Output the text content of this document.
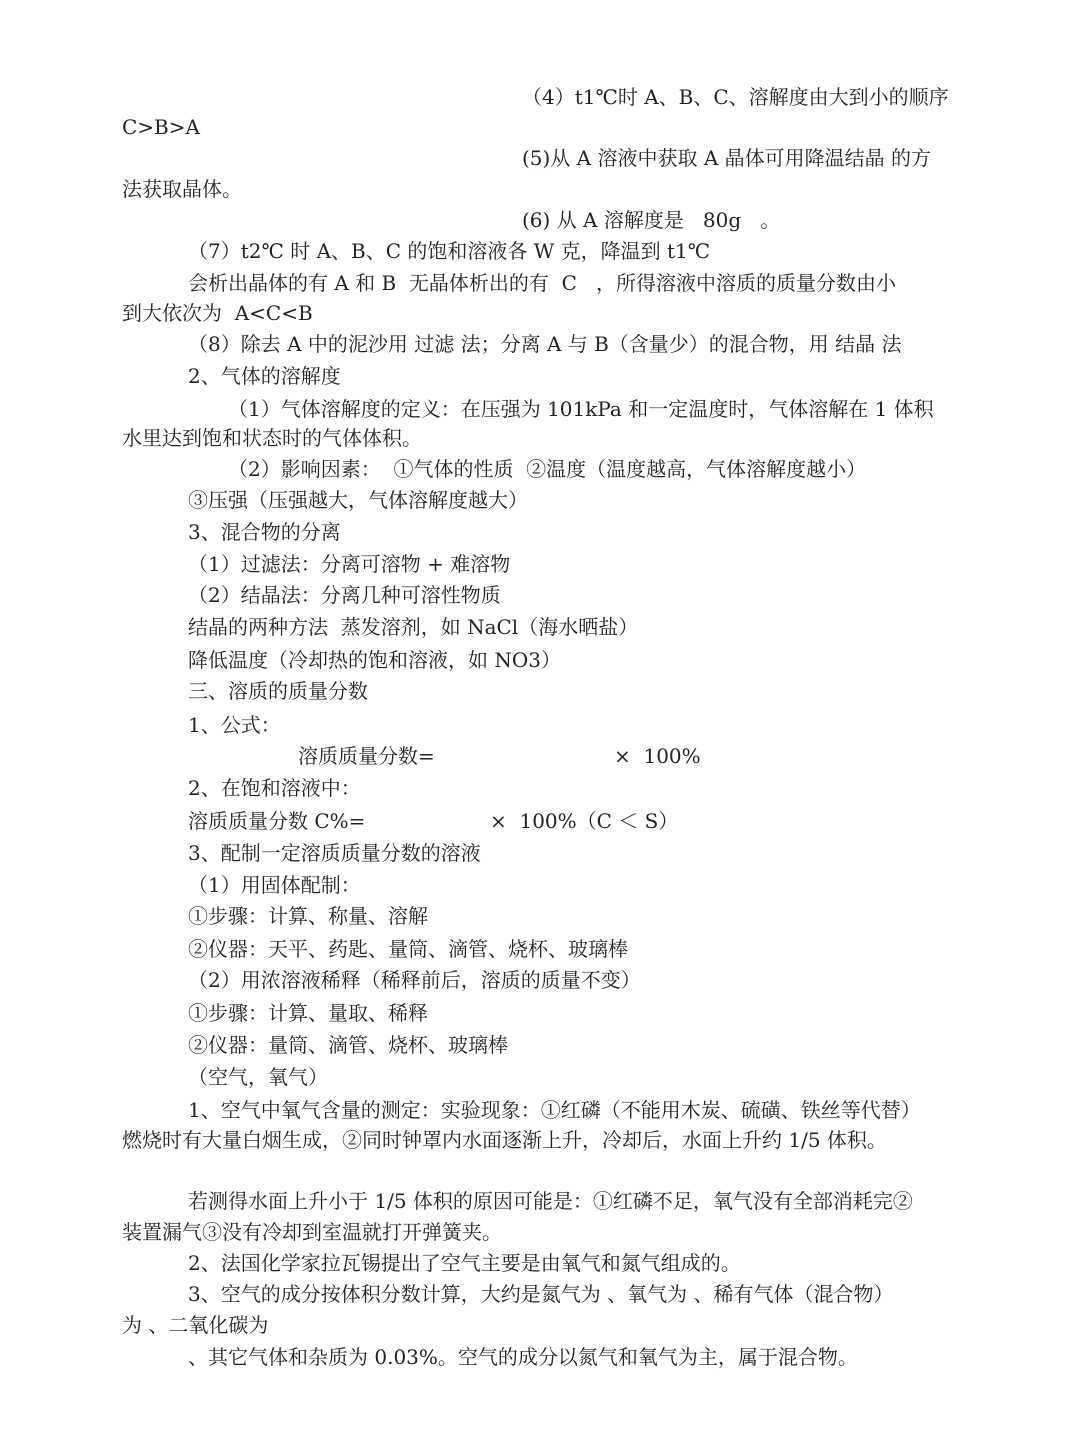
（4）t1℃时 A、B、C、溶解度由大到小的顺序
C>B>A
(5)从 A 溶液中获取 A 晶体可用降温结晶 的方
法获取晶体。
(6) 从 A 溶解度是   80g   。
（7）t2℃ 时 A、B、C 的饱和溶液各 W 克，降温到 t1℃
会析出晶体的有 A 和 B  无晶体析出的有  C   ，所得溶液中溶质的质量分数由小
到大依次为  A<C<B
（8）除去 A 中的泥沙用 过滤 法；分离 A 与 B（含量少）的混合物，用 结晶 法
2、气体的溶解度
（1）气体溶解度的定义：在压强为 101kPa 和一定温度时，气体溶解在 1 体积
水里达到饱和状态时的气体体积。
（2）影响因素：  ①气体的性质  ②温度（温度越高，气体溶解度越小）
③压强（压强越大，气体溶解度越大）
3、混合物的分离
（1）过滤法：分离可溶物 + 难溶物
（2）结晶法：分离几种可溶性物质
结晶的两种方法  蒸发溶剂，如 NaCl（海水晒盐）
降低温度（冷却热的饱和溶液，如 NO3）
三、溶质的质量分数
1、公式：
溶质质量分数=	×  100%
2、在饱和溶液中：
溶质质量分数 C%=	×  100%（C ＜ S）
3、配制一定溶质质量分数的溶液
（1）用固体配制：
①步骤：计算、称量、溶解
②仪器：天平、药匙、量筒、滴管、烧杯、玻璃棒
（2）用浓溶液稀释（稀释前后，溶质的质量不变）
①步骤：计算、量取、稀释
②仪器：量筒、滴管、烧杯、玻璃棒
（空气，氧气）
1、空气中氧气含量的测定：实验现象：①红磷（不能用木炭、硫磺、铁丝等代替）
燃烧时有大量白烟生成，②同时钟罩内水面逐渐上升，冷却后，水面上升约 1/5 体积。
若测得水面上升小于 1/5 体积的原因可能是：①红磷不足，氧气没有全部消耗完②
装置漏气③没有冷却到室温就打开弹簧夹。
2、法国化学家拉瓦锡提出了空气主要是由氧气和氮气组成的。
3、空气的成分按体积分数计算，大约是氮气为 、氧气为 、稀有气体（混合物）
为 、二氧化碳为
、其它气体和杂质为 0.03%。空气的成分以氮气和氧气为主，属于混合物。
